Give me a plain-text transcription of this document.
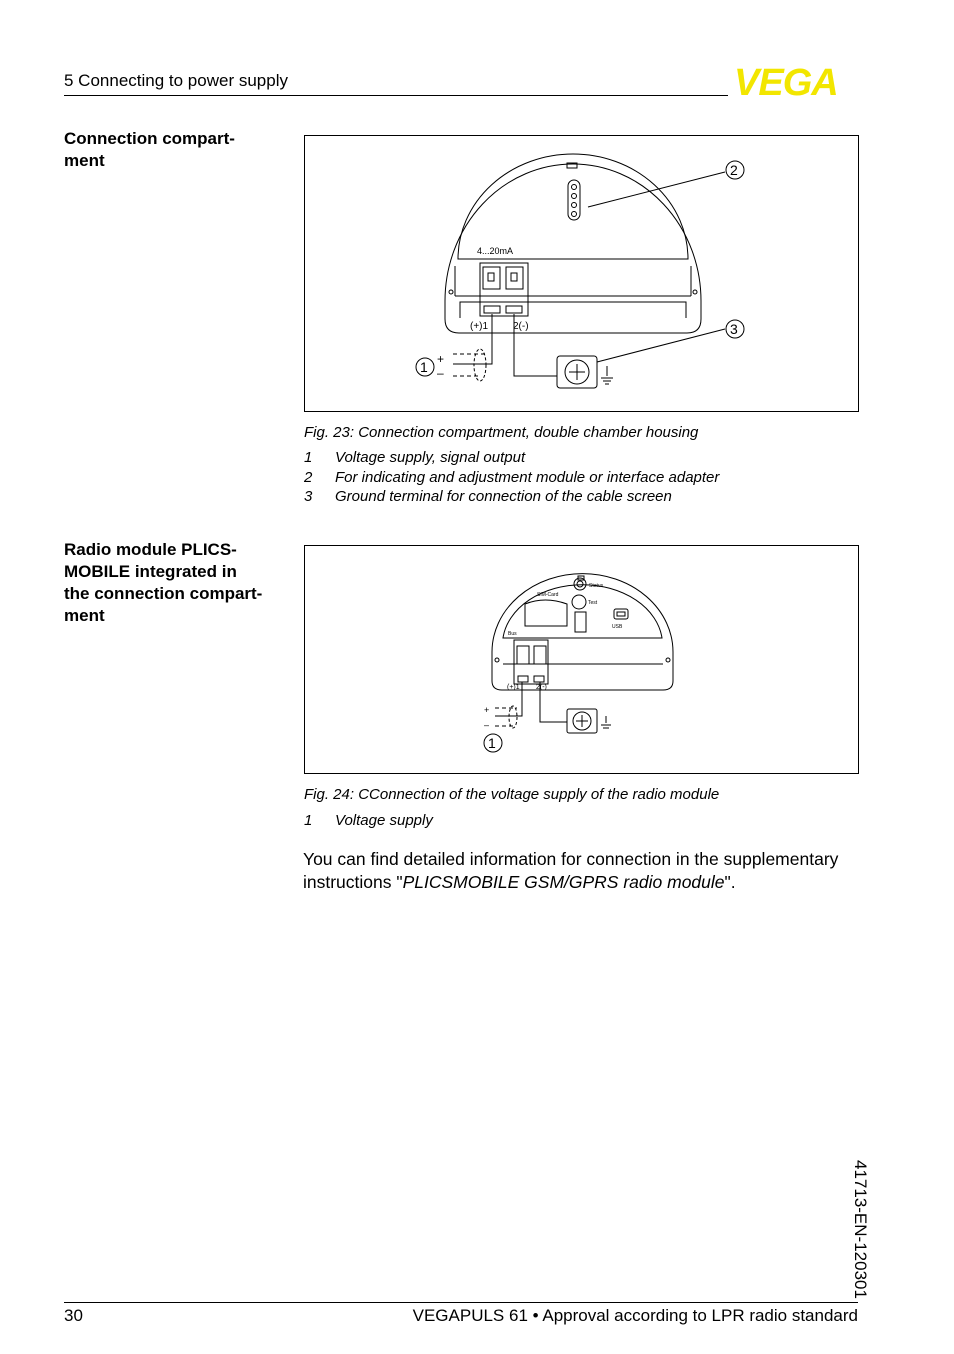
5 Connecting to power supply	VEGA
Connection compart-
ment
4...20mA
(+)1 2(-)
+
–
2
3
1
Fig. 23: Connection compartment, double chamber housing
1	Voltage supply, signal output
2	For indicating and adjustment module or interface adapter
3	Ground terminal for connection of the cable screen
Radio module PLICS-
MOBILE integrated in
the connection compart-
ment
Status
SIM-Card
Test
USB
Bus
(+)1 2(-)
+
–
1
Fig. 24: CConnection of the voltage supply of the radio module
1	Voltage supply
You can find detailed information for connection in the supplementary instructions "PLICSMOBILE GSM/GPRS radio module".
41713-EN-120301
30	VEGAPULS 61 • Approval according to LPR radio standard
